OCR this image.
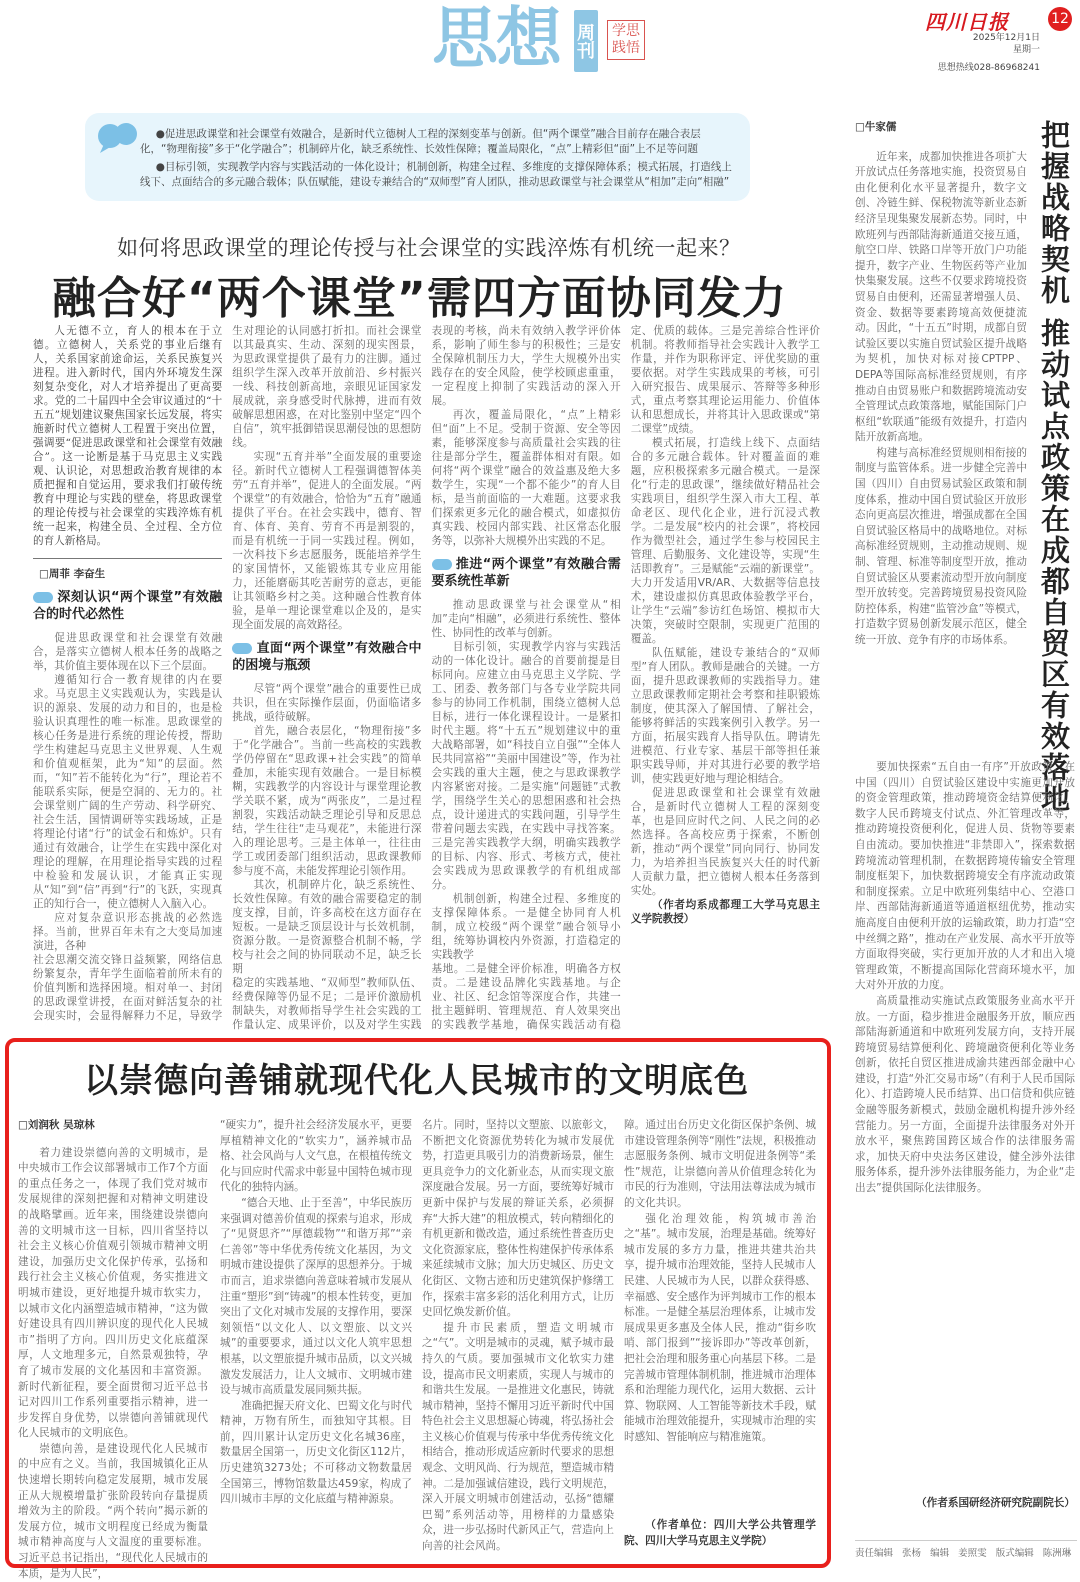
思想 周刊	学思践悟
四川日报	12
2025年12月1日
星期一
思想热线028-86968241

●促进思政课堂和社会课堂有效融合，是新时代立德树人工程的深刻变革与创新。但“两个课堂”融合目前存在融合表层化，“物理衔接”多于“化学融合”；机制碎片化，缺乏系统性、长效性保障；覆盖局限化，“点”上精彩但“面”上不足等问题

●目标引领，实现教学内容与实践活动的一体化设计；机制创新，构建全过程、多维度的支撑保障体系；模式拓展，打造线上线下、点面结合的多元融合载体；队伍赋能，建设专兼结合的“双师型”育人团队，推动思政课堂与社会课堂从“相加”走向“相融”

如何将思政课堂的理论传授与社会课堂的实践淬炼有机统一起来？
融合好“两个课堂”需四方面协同发力

人无德不立，育人的根本在于立德。立德树人，关系党的事业后继有人，关系国家前途命运，关系民族复兴进程。进入新时代，国内外环境发生深刻复杂变化，对人才培养提出了更高要求。党的二十届四中全会审议通过的“十五五”规划建议聚焦国家长远发展，将实施新时代立德树人工程置于突出位置，强调要“促进思政课堂和社会课堂有效融合”。这一论断是基于马克思主义实践观、认识论，对思想政治教育规律的本质把握和自觉运用，要求我们打破传统教育中理论与实践的壁垒，将思政课堂的理论传授与社会课堂的实践淬炼有机统一起来，构建全员、全过程、全方位的育人新格局。

□周菲 李奋生
深刻认识“两个课堂”有效融合的时代必然性

促进思政课堂和社会课堂有效融合，是落实立德树人根本任务的战略之举，其价值主要体现在以下三个层面。

遵循知行合一教育规律的内在要求。马克思主义实践观认为，实践是认识的源泉、发展的动力和目的，也是检验认识真理性的唯一标准。思政课堂的核心任务是进行系统的理论传授，帮助学生构建起马克思主义世界观、人生观和价值观框架，此为“知”的层面。然而，“知”若不能转化为“行”，理论若不能联系实际，便是空洞的、无力的。社会课堂则广阔的生产劳动、科学研究、社会生活，国情调研等实践场域，正是将理论付诸“行”的试金石和炼炉。只有通过有效融合，让学生在实践中深化对理论的理解，在用理论指导实践的过程中检验和发展认识，才能真正实现从“知”到“信”再到“行”的飞跃，实现真正的知行合一，使立德树人入脑入心。

应对复杂意识形态挑战的必然选择。当前，世界百年未有之大变局加速演进，各种

社会思潮交流交锋日益频繁，网络信息纷繁复杂，青年学生面临着前所未有的价值判断和选择困境。相对单一、封闭的思政课堂讲授，在面对鲜活复杂的社会现实时，会显得解释力不足，导致学生对理论的认同感打折扣。而社会课堂以其最真实、生动、深刻的现实图景，为思政课堂提供了最有力的注脚。通过组织学生深入改革开放前沿、乡村振兴一线、科技创新高地，亲眼见证国家发展成就，亲身感受时代脉搏，进而有效破解思想困惑，在对比鉴别中坚定“四个自信”，筑牢抵御错误思潮侵蚀的思想防线。

实现“五育并举”全面发展的重要途径。新时代立德树人工程强调德智体美劳“五育并举”，促进人的全面发展。“两个课堂”的有效融合，恰恰为“五育”融通提供了平台。在社会实践中，德育、智育、体育、美育、劳育不再是割裂的，而是有机统一于同一实践过程。例如，一次科技下乡志愿服务，既能培养学生的家国情怀，又能锻炼其专业应用能力，还能磨砺其吃苦耐劳的意志，更能让其领略乡村之美。这种融合性教育体验，是单一理论课堂难以企及的，是实现全面发展的高效路径。

直面“两个课堂”有效融合中的困境与瓶颈

尽管“两个课堂”融合的重要性已成共识，但在实际操作层面，仍面临诸多挑战，亟待破解。

首先，融合表层化，“物理衔接”多于“化学融合”。当前一些高校的实践教学仍停留在“思政课+社会实践”的简单叠加，未能实现有效融合。一是目标模糊，实践教学的内容设计与课堂理论教学关联不紧，成为“两张皮”，二是过程割裂，实践活动缺乏理论引导和反思总结，学生往往“走马观花”，未能进行深入的理论思考。三是主体单一，往往由学工或团委部门组织活动，思政课教师参与度不高，未能发挥理论引领作用。

其次，机制碎片化，缺乏系统性、长效性保障。有效的融合需要稳定的制度支撑，目前，许多高校在这方面存在短板。一是缺乏顶层设计与长效机制，资源分散。一是资源整合机制不畅，学校与社会之间的协同联动不足，缺乏长期

稳定的实践基地、“双师型”教师队伍、经费保障等仍显不足；二是评价激励机制缺失，对教师指导学生社会实践的工作量认定、成果评价，以及对学生实践表现的考核，尚未有效纳入教学评价体系，影响了师生参与的积极性；三是安全保障机制压力大，学生大规模外出实践存在的安全风险，使学校顾虑重重，一定程度上抑制了实践活动的深入开展。

再次，覆盖局限化，“点”上精彩但“面”上不足。受制于资源、安全等因素，能够深度参与高质量社会实践的往往是部分学生，覆盖群体相对有限。如何将“两个课堂”融合的效益惠及绝大多数学生，实现“一个都不能少”的育人目标，是当前面临的一大难题。这要求我们探索更多元化的融合模式，如虚拟仿真实践、校园内部实践、社区常态化服务等，以弥补大规模外出实践的不足。

推进“两个课堂”有效融合需要系统性革新

推动思政课堂与社会课堂从“相加”走向“相融”，必须进行系统性、整体性、协同性的改革与创新。

目标引领，实现教学内容与实践活动的一体化设计。融合的首要前提是目标同向。应建立由马克思主义学院、学工、团委、教务部门与各专业学院共同参与的协同工作机制，围绕立德树人总目标，进行一体化课程设计。一是紧扣时代主题。将“十五五”规划建议中的重大战略部署，如“科技自立自强”“全体人民共同富裕”“美丽中国建设”等，作为社会实践的重大主题，使之与思政课教学内容紧密对接。二是实施“问题链”式教学，围绕学生关心的思想困惑和社会热点，设计递进式的实践问题，引导学生带着问题去实践，在实践中寻找答案。三是完善实践教学大纲，明确实践教学的目标、内容、形式、考核方式，使社会实践成为思政课教学的有机组成部分。

机制创新，构建全过程、多维度的支撑保障体系。一是健全协同育人机制，成立校级“两个课堂”融合领导小组，统筹协调校内外资源，打造稳定的实践教学

基地。二是健全评价标准，明确各方权责。二是建设品牌化实践基地。与企业、社区、纪念馆等深度合作，共建一批主题鲜明、管理规范、育人效果突出的实践教学基地，确保实践活动有稳定、优质的载体。三是完善综合性评价机制。将教师指导社会实践计入教学工作量，并作为职称评定、评优奖励的重要依据。对学生实践成果的考核，可引入研究报告、成果展示、答辩等多种形式，重点考察其理论运用能力、价值体认和思想成长，并将其计入思政课或“第二课堂”成绩。

模式拓展，打造线上线下、点面结合的多元融合载体。针对覆盖面的难题，应积极探索多元融合模式。一是深化“行走的思政课”，继续做好精品社会实践项目，组织学生深入市大工程、革命老区、现代化企业，进行沉浸式教学。二是发展“校内的社会课”，将校园作为微型社会，通过学生参与校园民主管理、后勤服务、文化建设等，实现“生活即教育”。三是赋能“云端的新课堂”。大力开发适用VR/AR、大数据等信息技术，建设虚拟仿真思政体验教学平台，让学生“云端”参访红色场馆、模拟市大决策，突破时空限制，实现更广范围的覆盖。

队伍赋能，建设专兼结合的“双师型”育人团队。教师是融合的关键。一方面，提升思政课教师的实践指导力。建立思政课教师定期社会考察和挂职锻炼制度，使其深入了解国情、了解社会，能够将鲜活的实践案例引入教学。另一方面，拓展实践育人指导队伍。聘请先进模范、行业专家、基层干部等担任兼职实践导师，并对其进行必要的教学培训，使实践更好地与理论相结合。

促进思政课堂和社会课堂有效融合，是新时代立德树人工程的深刻变革，也是回应时代之问、人民之问的必然选择。各高校应勇于探索，不断创新，推动“两个课堂”同向同行、协同发力，为培养担当民族复兴大任的时代新人贡献力量，把立德树人根本任务落到实处。

（作者均系成都理工大学马克思主义学院教授）

把握战略契机 推动试点政策在成都自贸区有效落地
□牛家儒

近年来，成都加快推进各项扩大开放试点任务落地实施，投资贸易自由化便利化水平显著提升，数字文创、冷链生鲜、保税物流等新业态新经济呈现集聚发展新态势。同时，中欧班列与西部陆海新通道交接互通，航空口岸、铁路口岸等开放门户功能提升，数字产业、生物医药等产业加快集聚发展。这些不仅要求跨境投资贸易自由便利，还需显著增强人员、资金、数据等要素跨境高效便捷流动。因此，“十五五”时期，成都自贸试验区要以实施自贸试验区提升战略为契机，加快对标对接CPTPP、DEPA等国际高标准经贸规则，有序推动自由贸易账户和数据跨境流动安全管理试点政策落地，赋能国际门户枢纽“软联通”能级有效提升，打造内陆开放新高地。

构建与高标准经贸规则相衔接的制度与监管体系。进一步健全完善中国（四川）自由贸易试验区政策和制度体系，推动中国自贸试验区开放形态向更高层次推进，增强成都在全国自贸试验区格局中的战略地位。对标高标准经贸规则，主动推动规则、规制、管理、标准等制度型开放，推动自贸试验区从要素流动型开放向制度型开放转变。完善跨境贸易投资风险防控体系，构建“监管沙盒”等模式，打造数字贸易创新发展示范区，健全统一开放、竞争有序的市场体系。

要加快探索“五自由一有序”开放政策，在中国（四川）自贸试验区建设中实施更加开放的资金管理政策，推动跨境资金结算便利化、数字人民币跨境支付试点、外汇管理改革等，推动跨境投资便利化，促进人员、货物等要素自由流动。要加快推进“非禁即入”，探索数据跨境流动管理机制，在数据跨境传输安全管理制度框架下，加快数据跨境安全有序流动政策和制度探索。立足中欧班列集结中心、空港口岸、西部陆海新通道等通道枢纽优势，推动实施高度自由便利开放的运输政策，助力打造“空中丝绸之路”，推动在产业发展、高水平开放等方面取得突破，实行更加开放的人才和出入境管理政策，不断提高国际化营商环境水平，加大对外开放的力度。

高质量推动实施试点政策服务业高水平开放。一方面，稳步推进金融服务开放，顺应西部陆海新通道和中欧班列发展方向，支持开展跨境贸易结算便利化、跨境融资便利化等业务创新，依托自贸区推进成渝共建西部金融中心建设，打造“外汇交易市场”（有利于人民币国际化）、打造跨境人民币结算、出口信贷和供应链金融等服务新模式，鼓励金融机构提升涉外经营能力。另一方面，全面提升法律服务对外开放水平，聚焦跨国跨区域合作的法律服务需求，加快天府中央法务区建设，健全涉外法律服务体系，提升涉外法律服务能力，为企业“走出去”提供国际化法律服务。

（作者系国研经济研究院副院长）
以崇德向善铺就现代化人民城市的文明底色
□刘润秋 吴琼林

着力建设崇德向善的文明城市，是中央城市工作会议部署城市工作7个方面的重点任务之一，体现了我们党对城市发展规律的深刻把握和对精神文明建设的战略擘画。近年来，围绕建设崇德向善的文明城市这一目标，四川省坚持以社会主义核心价值观引领城市精神文明建设，加强历史文化保护传承，弘扬和践行社会主义核心价值观，务实推进文明城市建设，更好地提升城市软实力，以城市文化内涵塑造城市精神，“这为做好建设具有四川辨识度的现代化人民城市”指明了方向。四川历史文化底蕴深厚，人文地理多元，自然景观独特，孕育了城市发展的文化基因和丰富资源。新时代新征程，要全面贯彻习近平总书记对四川工作系列重要指示精神，进一步发挥自身优势，以崇德向善铺就现代化人民城市的文明底色。

崇德向善，是建设现代化人民城市的中应有之义。当前，我国城镇化正从快速增长期转向稳定发展期，城市发展正从大规模增量扩张阶段转向存量提质增效为主的阶段。“两个转向”揭示新的发展方位，城市文明程度已经成为衡量城市精神高度与人文温度的重要标准。习近平总书记指出，“现代化人民城市的本质，是为人民”，

“硬实力”，提升社会经济发展水平，更要厚植精神文化的“软实力”，涵养城市品格、社会风尚与人文气息，在根植传统文化与回应时代需求中彰显中国特色城市现代化的独特内涵。

“德合天地、止于至善”，中华民族历来强调对德善价值观的探索与追求，形成了“见贤思齐”“厚德载物”“和谐万邦”“亲仁善邻”等中华优秀传统文化基因，为文明城市建设提供了深厚的思想养分。于城市而言，追求崇德向善意味着城市发展从注重“塑形”到“铸魂”的根本性转变，更加突出了文化对城市发展的支撑作用，要深刻领悟“以文化人、以文塑旅、以文兴城”的重要要求，通过以文化人筑牢思想根基，以文塑旅提升城市品质，以文兴城激发发展活力，让人文城市、文明城市建设与城市高质量发展同频共振。

准确把握天府文化、巴蜀文化与时代精神，万物有所生，而独知守其根。目前，四川累计认定历史文化名城36座，数量居全国第一，历史文化街区112片，历史建筑3273处；不可移动文物数量居全国第三，博物馆数量达459家，构成了四川城市丰厚的文化底蕴与精神源泉。

名片。同时，坚持以文塑旅、以旅彰文，不断把文化资源优势转化为城市发展优势，打造更具吸引力的消费新场景，催生更具竞争力的文化新业态，从而实现文旅深度融合发展。另一方面，要统筹好城市更新中保护与发展的辩证关系，必须摒弃“大拆大建”的粗放模式，转向精细化的有机更新和微改造，通过系统性普查历史文化资源家底，整体性构建保护传承体系来延续城市文脉；加大历史城区、历史文化街区、文物古迹和历史建筑保护修缮工作，探索丰富多彩的活化利用方式，让历史回忆焕发新价值。

提升市民素质，塑造文明城市之“气”。文明是城市的灵魂，赋予城市最持久的气质。要加强城市文化软实力建设，提高市民文明素质，实现人与城市的和谐共生发展。一是推进文化惠民，铸就城市精神，坚持不懈用习近平新时代中国特色社会主义思想凝心铸魂，将弘扬社会主义核心价值观与传承中华优秀传统文化相结合，推动形成适应新时代要求的思想观念、文明风尚、行为规范，塑造城市精神。二是加强诚信建设，践行文明规范，深入开展文明城市创建活动，弘扬“德耀巴蜀”系列活动等，用榜样的力量感染众，进一步弘扬时代新风正气，营造向上向善的社会风尚。

障。通过出台历史文化街区保护条例、城市建设管理条例等“刚性”法规，积极推动志愿服务条例、城市文明促进条例等“柔性”规范，让崇德向善从价值理念转化为市民的行为准则，守法用法尊法成为城市的文化共识。

强化治理效能，构筑城市善治之“基”。城市发展，治理是基础。统筹好城市发展的多方力量，推进共建共治共享，提升城市治理效能，坚持人民城市人民建、人民城市为人民，以群众获得感、幸福感、安全感作为评判城市工作的根本标准。一是健全基层治理体系，让城市发展成果更多惠及全体人民，推动“街乡吹哨、部门报到”“接诉即办”等改革创新，把社会治理和服务重心向基层下移。二是完善城市管理体制机制，推进城市治理体系和治理能力现代化，运用大数据、云计算、物联网、人工智能等新技术手段，赋能城市治理效能提升，实现城市治理的实时感知、智能响应与精准施策。

（作者单位：四川大学公共管理学院、四川大学马克思主义学院）
责任编辑 张杨 编辑 姜照雯 版式编辑 陈洲琳
